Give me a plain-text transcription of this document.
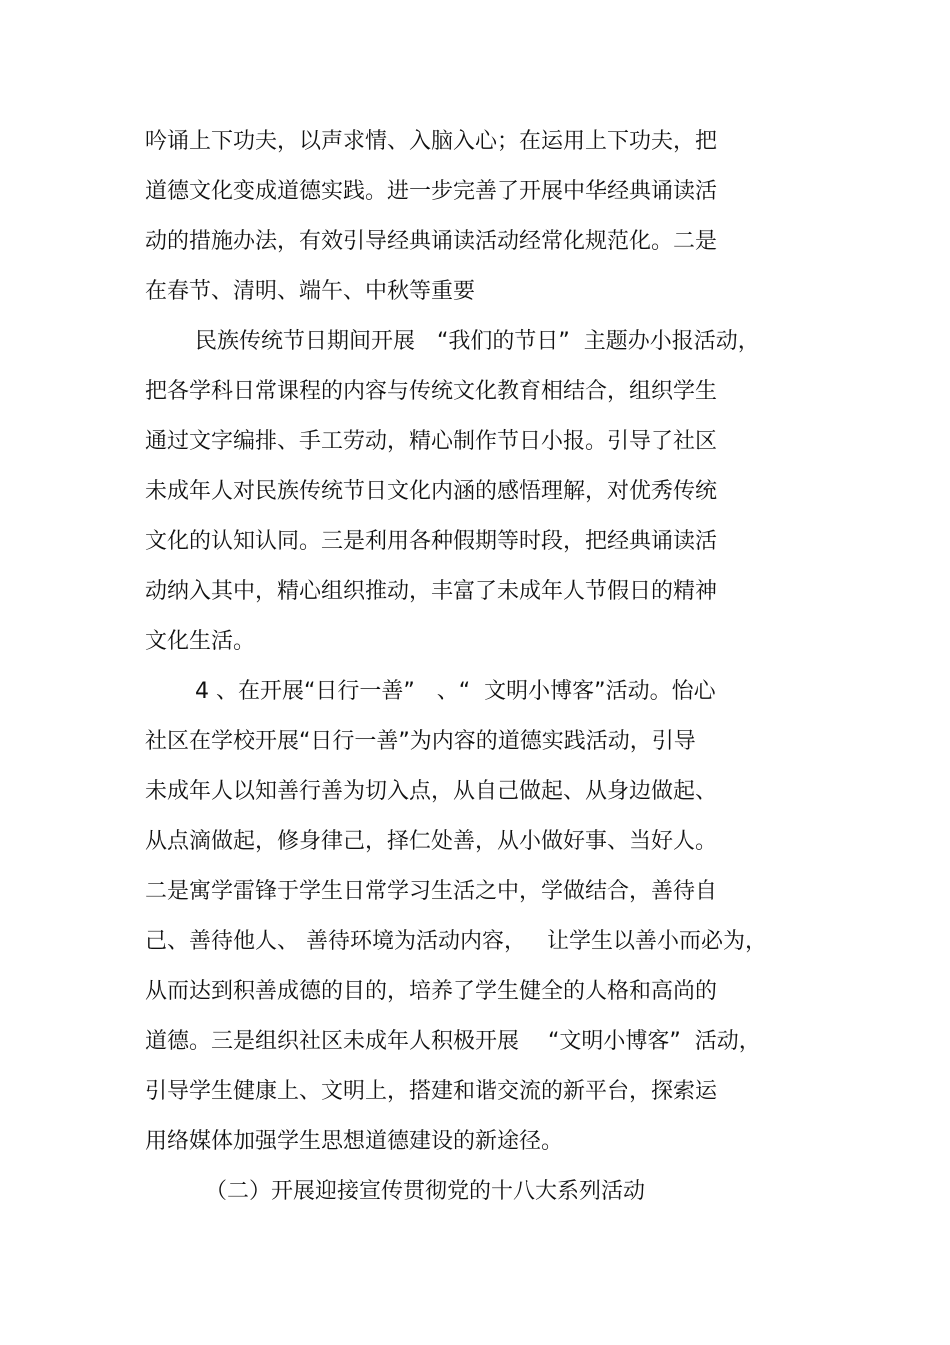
吟诵上下功夫，以声求情、入脑入心；在运用上下功夫，把
道德文化变成道德实践。进一步完善了开展中华经典诵读活
动的措施办法，有效引导经典诵读活动经常化规范化。二是
在春节、清明、端午、中秋等重要
民族传统节日期间开展　“我们的节日”  主题办小报活动，
把各学科日常课程的内容与传统文化教育相结合，组织学生
通过文字编排、手工劳动，精心制作节日小报。引导了社区
未成年人对民族传统节日文化内涵的感悟理解，对优秀传统
文化的认知认同。三是利用各种假期等时段，把经典诵读活
动纳入其中，精心组织推动，丰富了未成年人节假日的精神
文化生活。
4 、在开展“日行一善”　、“  文明小博客”活动。怡心
社区在学校开展“日行一善”为内容的道德实践活动，引导
未成年人以知善行善为切入点，从自己做起、从身边做起、
从点滴做起，修身律己，择仁处善，从小做好事、当好人。
二是寓学雷锋于学生日常学习生活之中，学做结合，善待自
己、善待他人、 善待环境为活动内容，   让学生以善小而必为，
从而达到积善成德的目的，培养了学生健全的人格和高尚的
道德。三是组织社区未成年人积极开展　 “文明小博客”  活动，
引导学生健康上、文明上，搭建和谐交流的新平台，探索运
用络媒体加强学生思想道德建设的新途径。
（二）开展迎接宣传贯彻党的十八大系列活动
